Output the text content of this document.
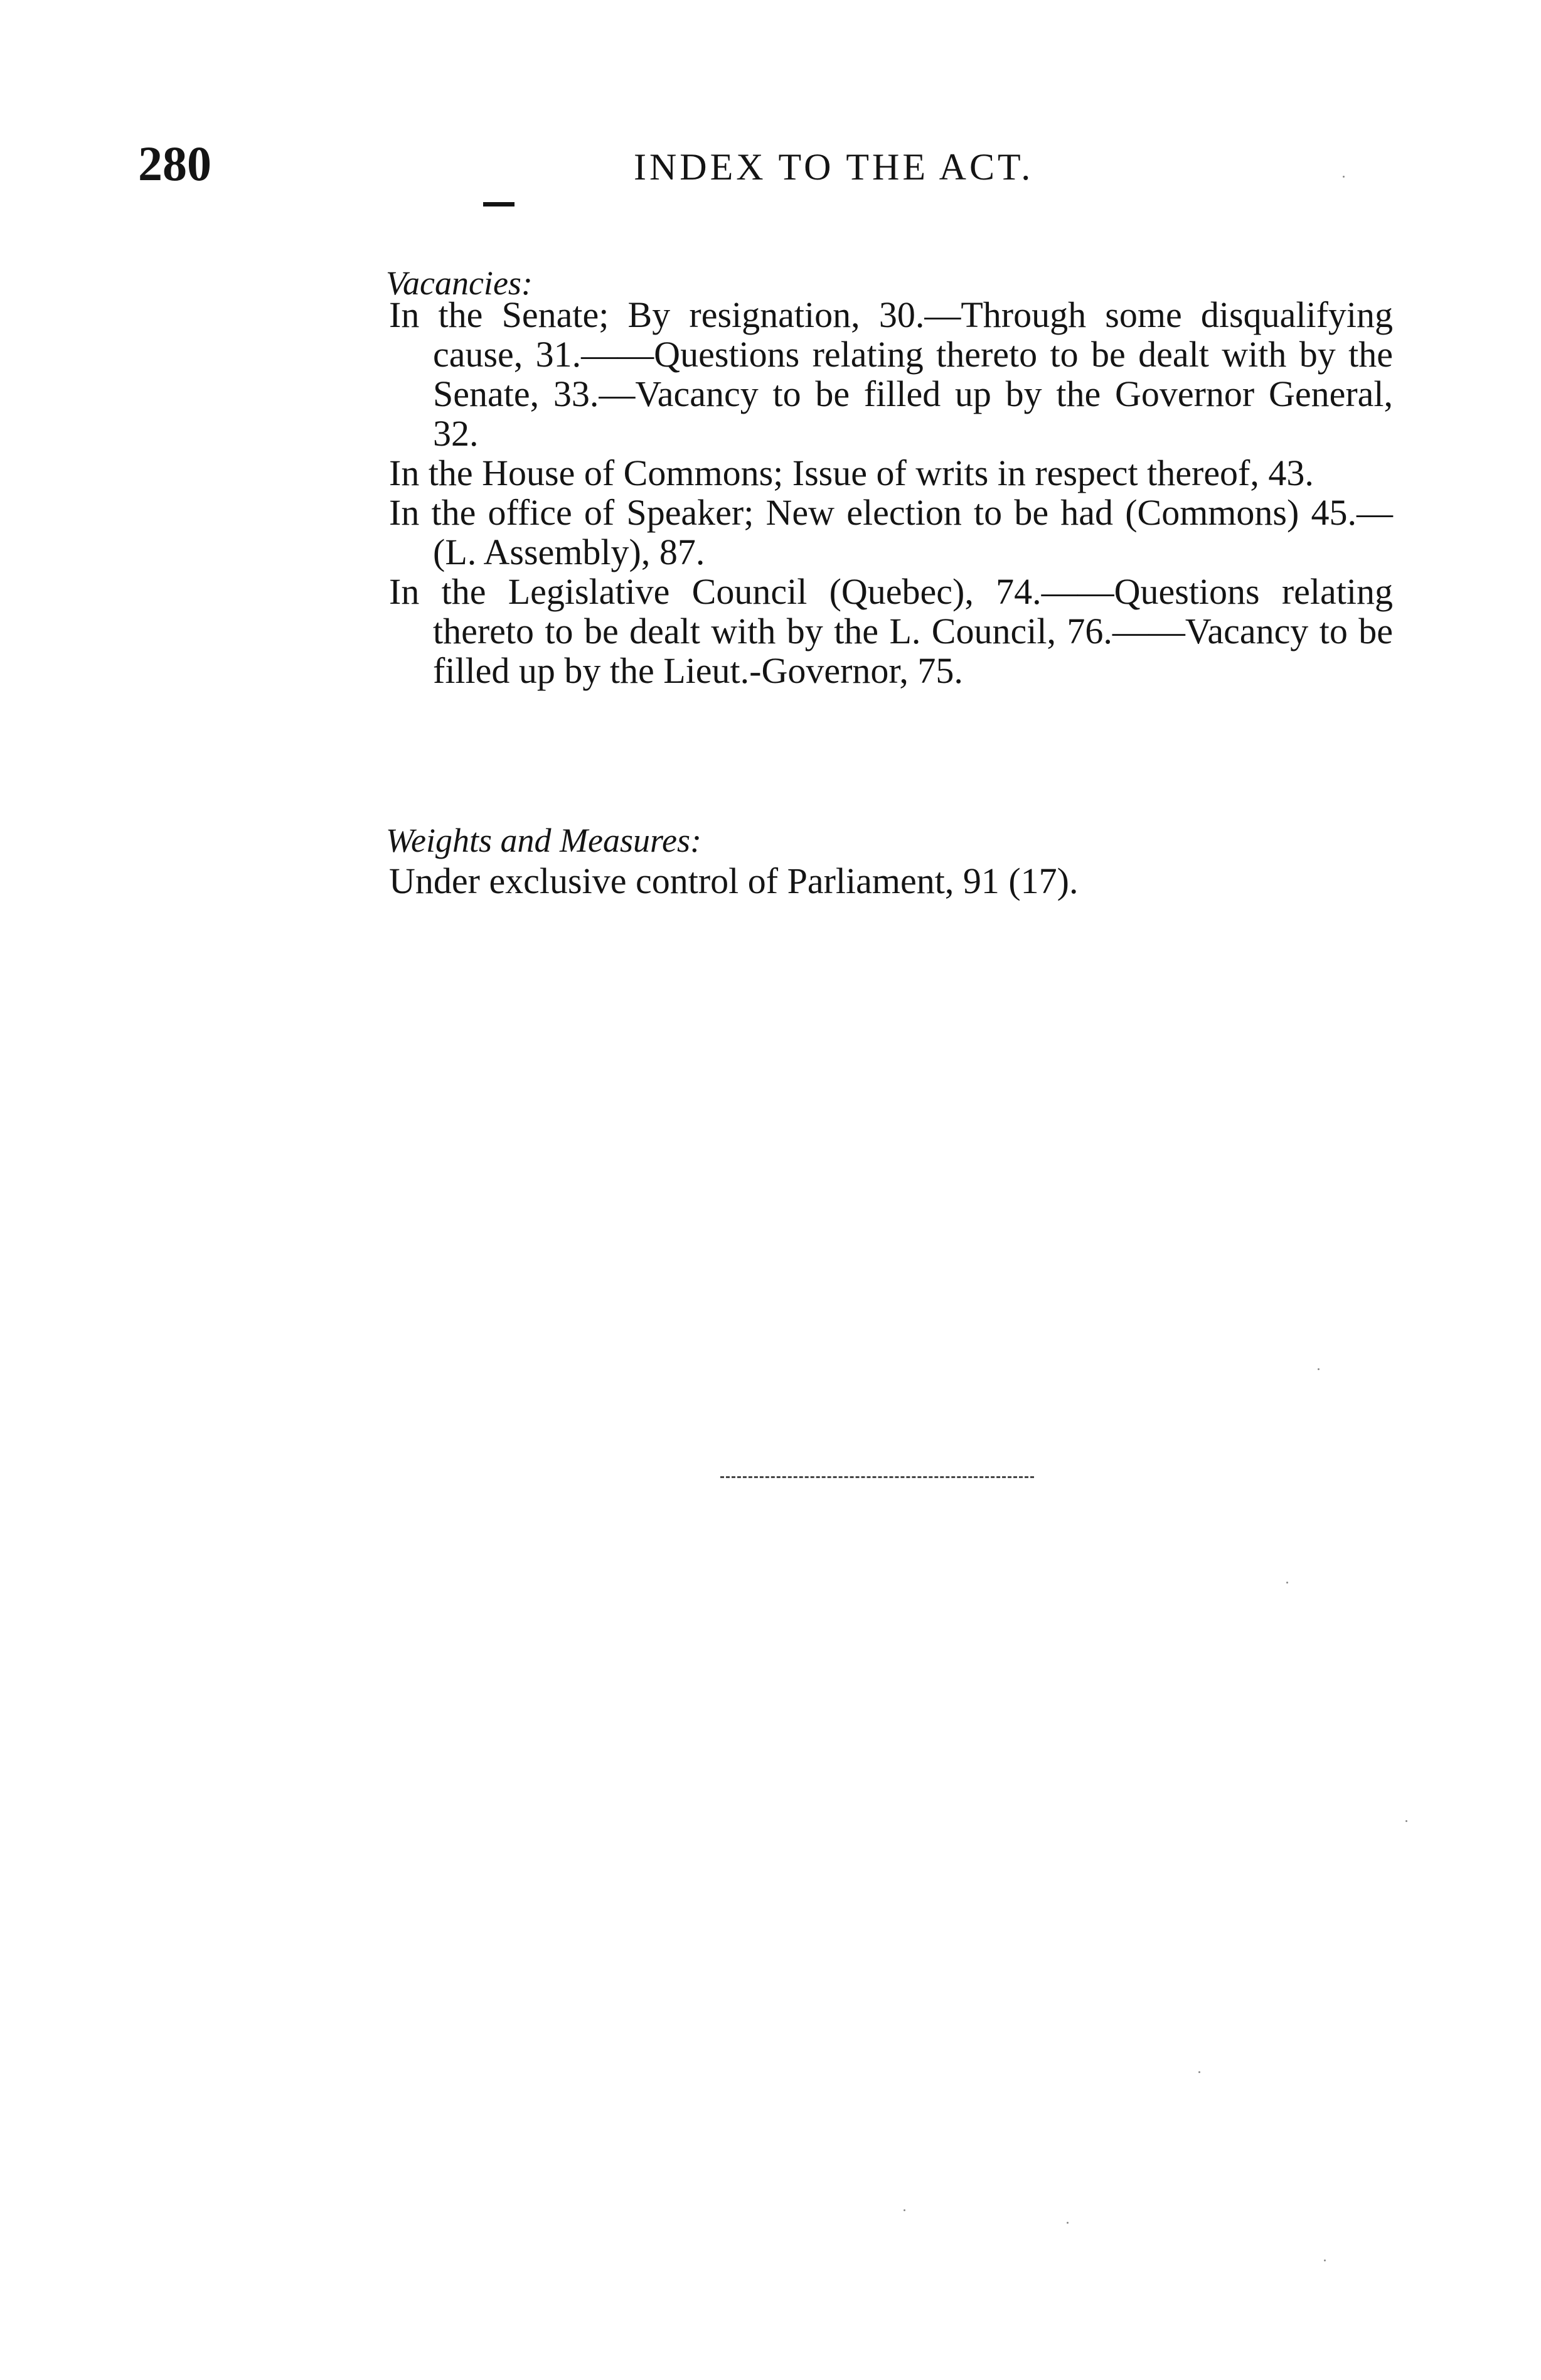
280	INDEX TO THE ACT.
Vacancies:
In the Senate; By resignation, 30.—Through some disqualifying cause, 31.——Questions relating thereto to be dealt with by the Senate, 33.—Vacancy to be filled up by the Governor General, 32.
In the House of Commons; Issue of writs in respect thereof, 43.
In the office of Speaker; New election to be had (Commons) 45.—(L. Assembly), 87.
In the Legislative Council (Quebec), 74.——Questions relating thereto to be dealt with by the L. Council, 76.——Vacancy to be filled up by the Lieut.-Governor, 75.
Weights and Measures:
Under exclusive control of Parliament, 91 (17).
